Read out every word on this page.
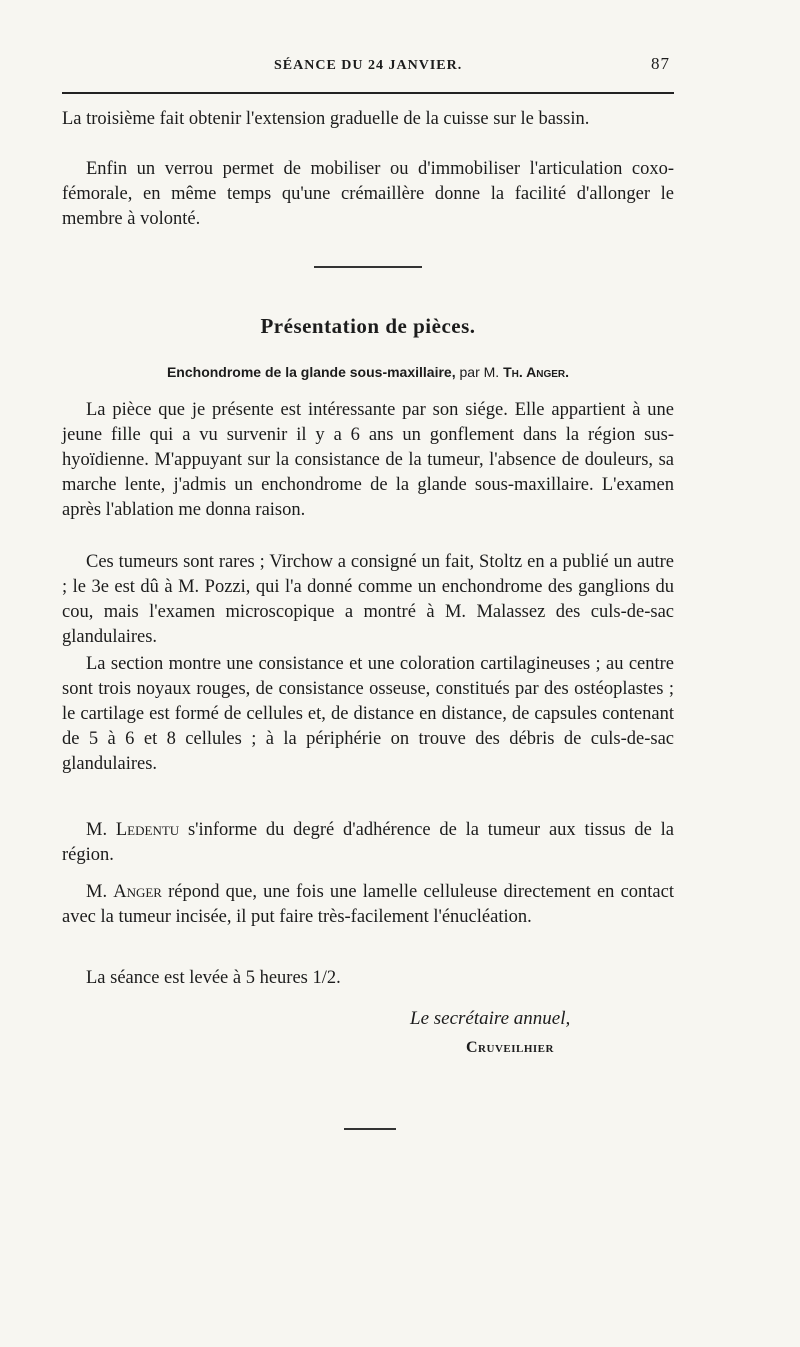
SÉANCE DU 24 JANVIER.	87
La troisième fait obtenir l'extension graduelle de la cuisse sur le bassin.
Enfin un verrou permet de mobiliser ou d'immobiliser l'articulation coxo-fémorale, en même temps qu'une crémaillère donne la facilité d'allonger le membre à volonté.
Présentation de pièces.
Enchondrome de la glande sous-maxillaire, par M. Th. Anger.
La pièce que je présente est intéressante par son siége. Elle appartient à une jeune fille qui a vu survenir il y a 6 ans un gonflement dans la région sus-hyoïdienne. M'appuyant sur la consistance de la tumeur, l'absence de douleurs, sa marche lente, j'admis un enchondrome de la glande sous-maxillaire. L'examen après l'ablation me donna raison.
Ces tumeurs sont rares ; Virchow a consigné un fait, Stoltz en a publié un autre ; le 3e est dû à M. Pozzi, qui l'a donné comme un enchondrome des ganglions du cou, mais l'examen microscopique a montré à M. Malassez des culs-de-sac glandulaires.
La section montre une consistance et une coloration cartilagineuses ; au centre sont trois noyaux rouges, de consistance osseuse, constitués par des ostéoplastes ; le cartilage est formé de cellules et, de distance en distance, de capsules contenant de 5 à 6 et 8 cellules ; à la périphérie on trouve des débris de culs-de-sac glandulaires.
M. Ledentu s'informe du degré d'adhérence de la tumeur aux tissus de la région.
M. Anger répond que, une fois une lamelle celluleuse directement en contact avec la tumeur incisée, il put faire très-facilement l'énucléation.
La séance est levée à 5 heures 1/2.
Le secrétaire annuel,
Cruveilhier
